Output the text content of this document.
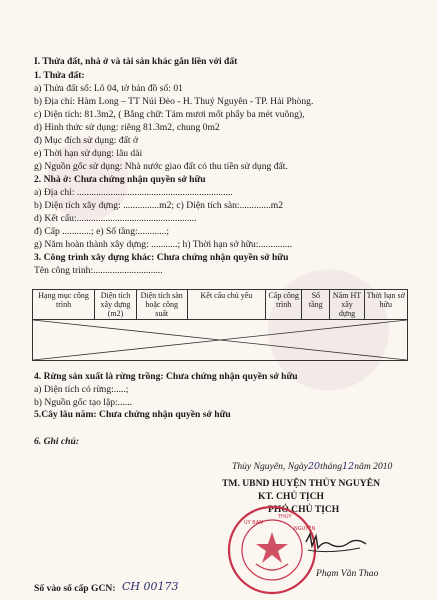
I. Thửa đất, nhà ở và tài sản khác gắn liền với đất
1. Thửa đất:
a) Thửa đất số: Lô 04, tờ bản đồ số: 01
b) Địa chỉ: Hàm Long – TT Núi Đèo - H. Thuỷ Nguyên - TP. Hải Phòng.
c) Diện tích: 81.3m2, ( Bằng chữ: Tám mươi mốt phẩy ba mét vuông),
d) Hình thức sử dụng: riêng 81.3m2, chung 0m2
đ) Mục đích sử dụng: đất ở
e) Thời hạn sử dụng: lâu dài
g) Nguồn gốc sử dụng: Nhà nước giao đất có thu tiền sử dụng đất.
2. Nhà ở: Chưa chứng nhận quyền sở hữu
a) Địa chỉ: .................................................................
b) Diện tích xây dựng: ...............m2; c) Diện tích sàn:.............m2
d) Kết cấu:..................................................
đ) Cấp ............; e) Số tầng:............;
g) Năm hoàn thành xây dựng: ...........; h) Thời hạn sở hữu:..............
3. Công trình xây dựng khác: Chưa chứng nhận quyền sở hữu
Tên công trình:.............................
Hạng mục công trình	Diện tích xây dựng (m2)	Diện tích sàn hoặc công suất	Kết cấu chủ yếu	Cấp công trình	Số tầng	Năm HT xây dựng	Thời hạn sở hữu

4. Rừng sản xuất là rừng trồng: Chưa chứng nhận quyền sở hữu
a) Diện tích có rừng:.....;
b) Nguồn gốc tạo lập:......
5.Cây lâu năm: Chưa chứng nhận quyền sở hữu
6. Ghi chú:
Thùy Nguyên, Ngày20tháng12năm 2010
TM. UBND HUYỆN THỦY NGUYÊN
KT. CHỦ TỊCH
PHÓ CHỦ TỊCH
ỦY BAN
THỦY
NGUYÊN
Phạm Văn Thao
Số vào sổ cấp GCN: CH 00173
